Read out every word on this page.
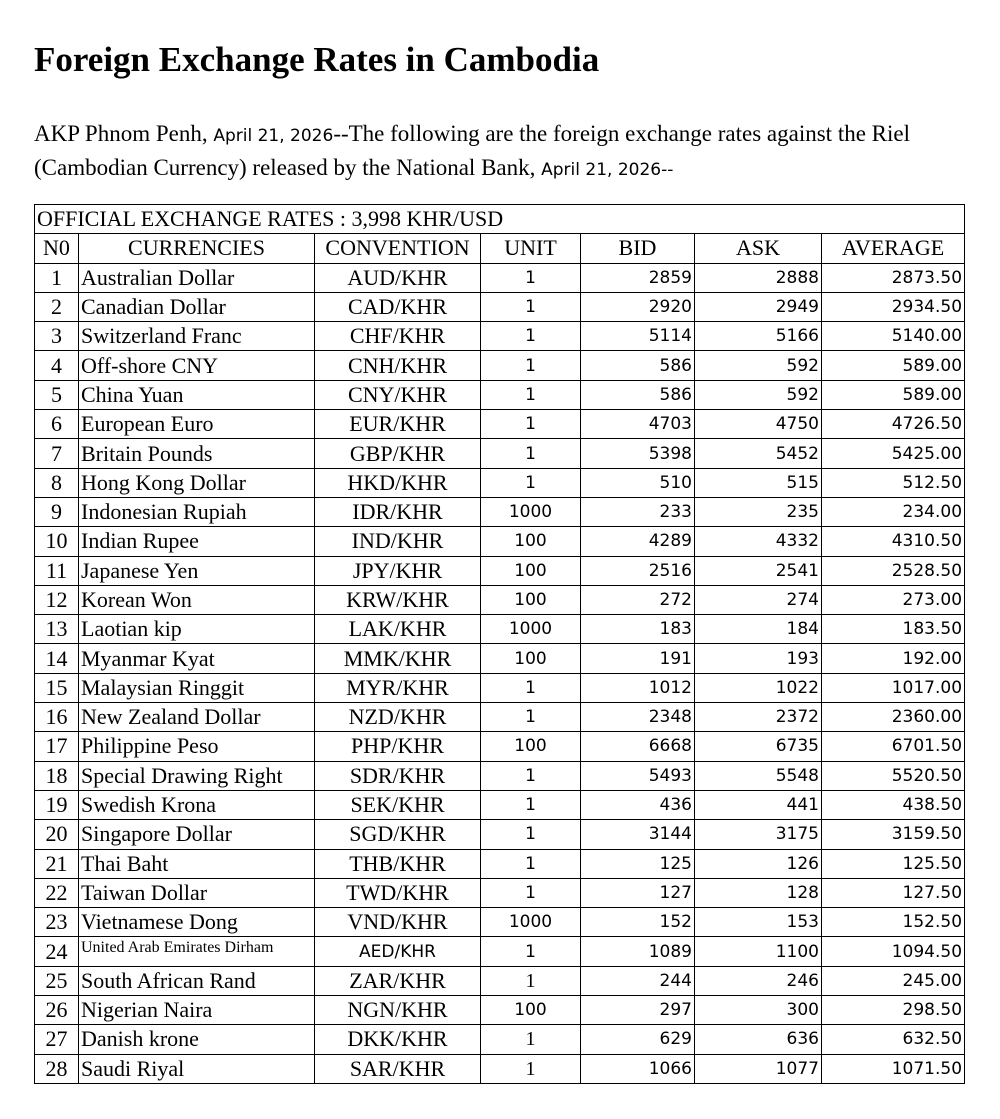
Foreign Exchange Rates in Cambodia

AKP Phnom Penh, April 21, 2026--The following are the foreign exchange rates against the Riel (Cambodian Currency) released by the National Bank, April 21, 2026--

OFFICIAL EXCHANGE RATES : 3,998 KHR/USD						
N0	CURRENCIES	CONVENTION	UNIT	BID	ASK	AVERAGE
1	Australian Dollar	AUD/KHR	1	2859	2888	2873.50
2	Canadian Dollar	CAD/KHR	1	2920	2949	2934.50
3	Switzerland Franc	CHF/KHR	1	5114	5166	5140.00
4	Off-shore CNY	CNH/KHR	1	586	592	589.00
5	China Yuan	CNY/KHR	1	586	592	589.00
6	European Euro	EUR/KHR	1	4703	4750	4726.50
7	Britain Pounds	GBP/KHR	1	5398	5452	5425.00
8	Hong Kong Dollar	HKD/KHR	1	510	515	512.50
9	Indonesian Rupiah	IDR/KHR	1000	233	235	234.00
10	Indian Rupee	IND/KHR	100	4289	4332	4310.50
11	Japanese Yen	JPY/KHR	100	2516	2541	2528.50
12	Korean Won	KRW/KHR	100	272	274	273.00
13	Laotian kip	LAK/KHR	1000	183	184	183.50
14	Myanmar Kyat	MMK/KHR	100	191	193	192.00
15	Malaysian Ringgit	MYR/KHR	1	1012	1022	1017.00
16	New Zealand Dollar	NZD/KHR	1	2348	2372	2360.00
17	Philippine Peso	PHP/KHR	100	6668	6735	6701.50
18	Special Drawing Right	SDR/KHR	1	5493	5548	5520.50
19	Swedish Krona	SEK/KHR	1	436	441	438.50
20	Singapore Dollar	SGD/KHR	1	3144	3175	3159.50
21	Thai Baht	THB/KHR	1	125	126	125.50
22	Taiwan Dollar	TWD/KHR	1	127	128	127.50
23	Vietnamese Dong	VND/KHR	1000	152	153	152.50
24	United Arab Emirates Dirham	AED/KHR	1	1089	1100	1094.50
25	South African Rand	ZAR/KHR	1	244	246	245.00
26	Nigerian Naira	NGN/KHR	100	297	300	298.50
27	Danish krone	DKK/KHR	1	629	636	632.50
28	Saudi Riyal	SAR/KHR	1	1066	1077	1071.50
